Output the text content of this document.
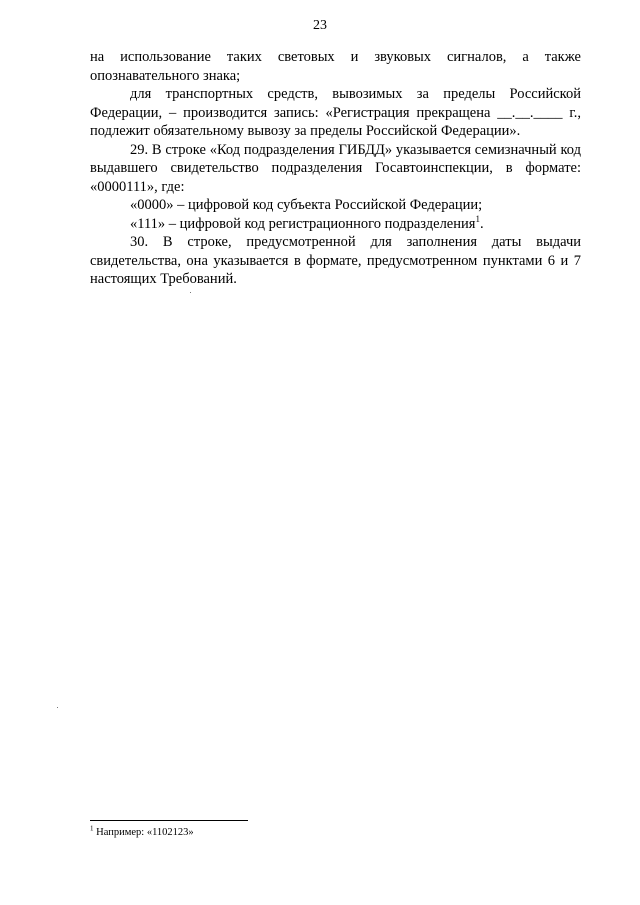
23

на использование таких световых и звуковых сигналов, а также опознавательного знака;

для транспортных средств, вывозимых за пределы Российской Федерации, – производится запись: «Регистрация прекращена __.__.____ г., подлежит обязательному вывозу за пределы Российской Федерации».

29. В строке «Код подразделения ГИБДД» указывается семизначный код выдавшего свидетельство подразделения Госавтоинспекции, в формате: «0000111», где:

«0000» – цифровой код субъекта Российской Федерации;

«111» – цифровой код регистрационного подразделения$^1$.

30. В строке, предусмотренной для заполнения даты выдачи свидетельства, она указывается в формате, предусмотренном пунктами 6 и 7 настоящих Требований.

$^1$ Например: «1102123»
